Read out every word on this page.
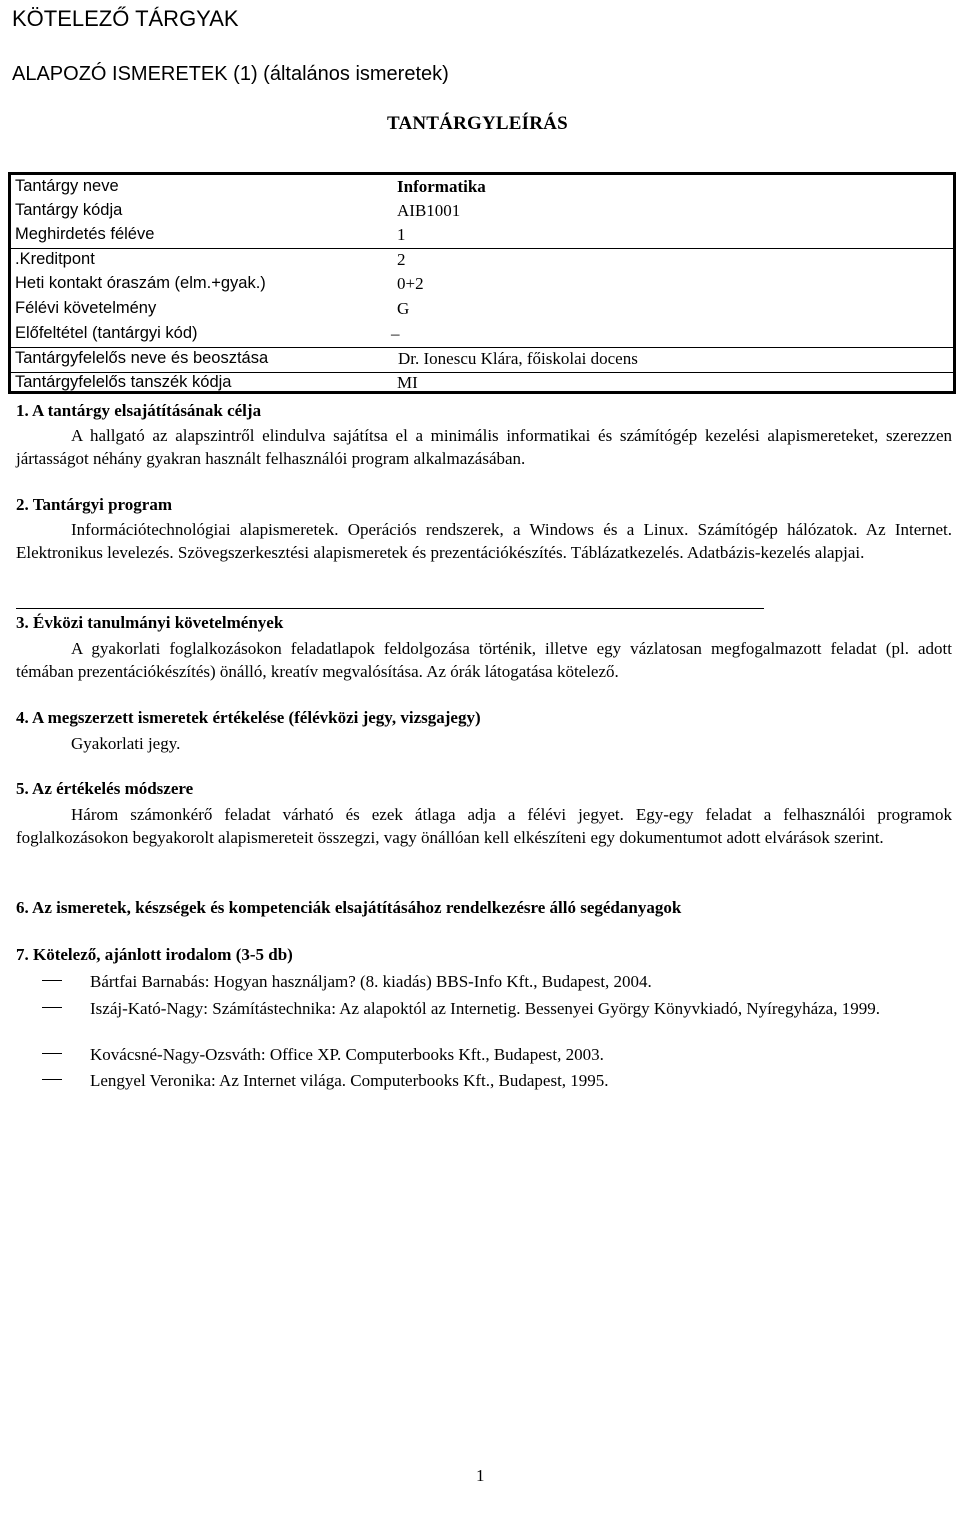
KÖTELEZŐ TÁRGYAK
ALAPOZÓ ISMERETEK (1) (általános ismeretek)
TANTÁRGYLEÍRÁS
Tantárgy neve	Informatika
Tantárgy kódja	AIB1001
Meghirdetés féléve	1
.Kreditpont	2
Heti kontakt óraszám (elm.+gyak.)	0+2
Félévi követelmény	G
Előfeltétel (tantárgyi kód)	–
Tantárgyfelelős neve és beosztása	Dr. Ionescu Klára, főiskolai docens
Tantárgyfelelős tanszék kódja	MI
1. A tantárgy elsajátításának célja
A hallgató az alapszintről elindulva sajátítsa el a minimális informatikai és számítógép kezelési alapismereteket, szerezzen jártasságot néhány gyakran használt felhasználói program alkalmazásában.
2. Tantárgyi program
Információtechnológiai alapismeretek. Operációs rendszerek, a Windows és a Linux. Számítógép hálózatok. Az Internet. Elektronikus levelezés. Szövegszerkesztési alapismeretek és prezentációkészítés. Táblázatkezelés. Adatbázis-kezelés alapjai.
3. Évközi tanulmányi követelmények
A gyakorlati foglalkozásokon feladatlapok feldolgozása történik, illetve egy vázlatosan megfogalmazott feladat (pl. adott témában prezentációkészítés) önálló, kreatív megvalósítása. Az órák látogatása kötelező.
4. A megszerzett ismeretek értékelése (félévközi jegy, vizsgajegy)
Gyakorlati jegy.
5. Az értékelés módszere
Három számonkérő feladat várható és ezek átlaga adja a félévi jegyet. Egy-egy feladat a felhasználói programok foglalkozásokon begyakorolt alapismereteit összegzi, vagy önállóan kell elkészíteni egy dokumentumot adott elvárások szerint.
6. Az ismeretek, készségek és kompetenciák elsajátításához rendelkezésre álló segédanyagok
7. Kötelező, ajánlott irodalom (3-5 db)
Bártfai Barnabás: Hogyan használjam? (8. kiadás) BBS-Info Kft., Budapest, 2004.
Iszáj-Kató-Nagy: Számítástechnika: Az alapoktól az Internetig. Bessenyei György Könyvkiadó, Nyíregyháza, 1999.
Kovácsné-Nagy-Ozsváth: Office XP. Computerbooks Kft., Budapest, 2003.
Lengyel Veronika: Az Internet világa. Computerbooks Kft., Budapest, 1995.
1
